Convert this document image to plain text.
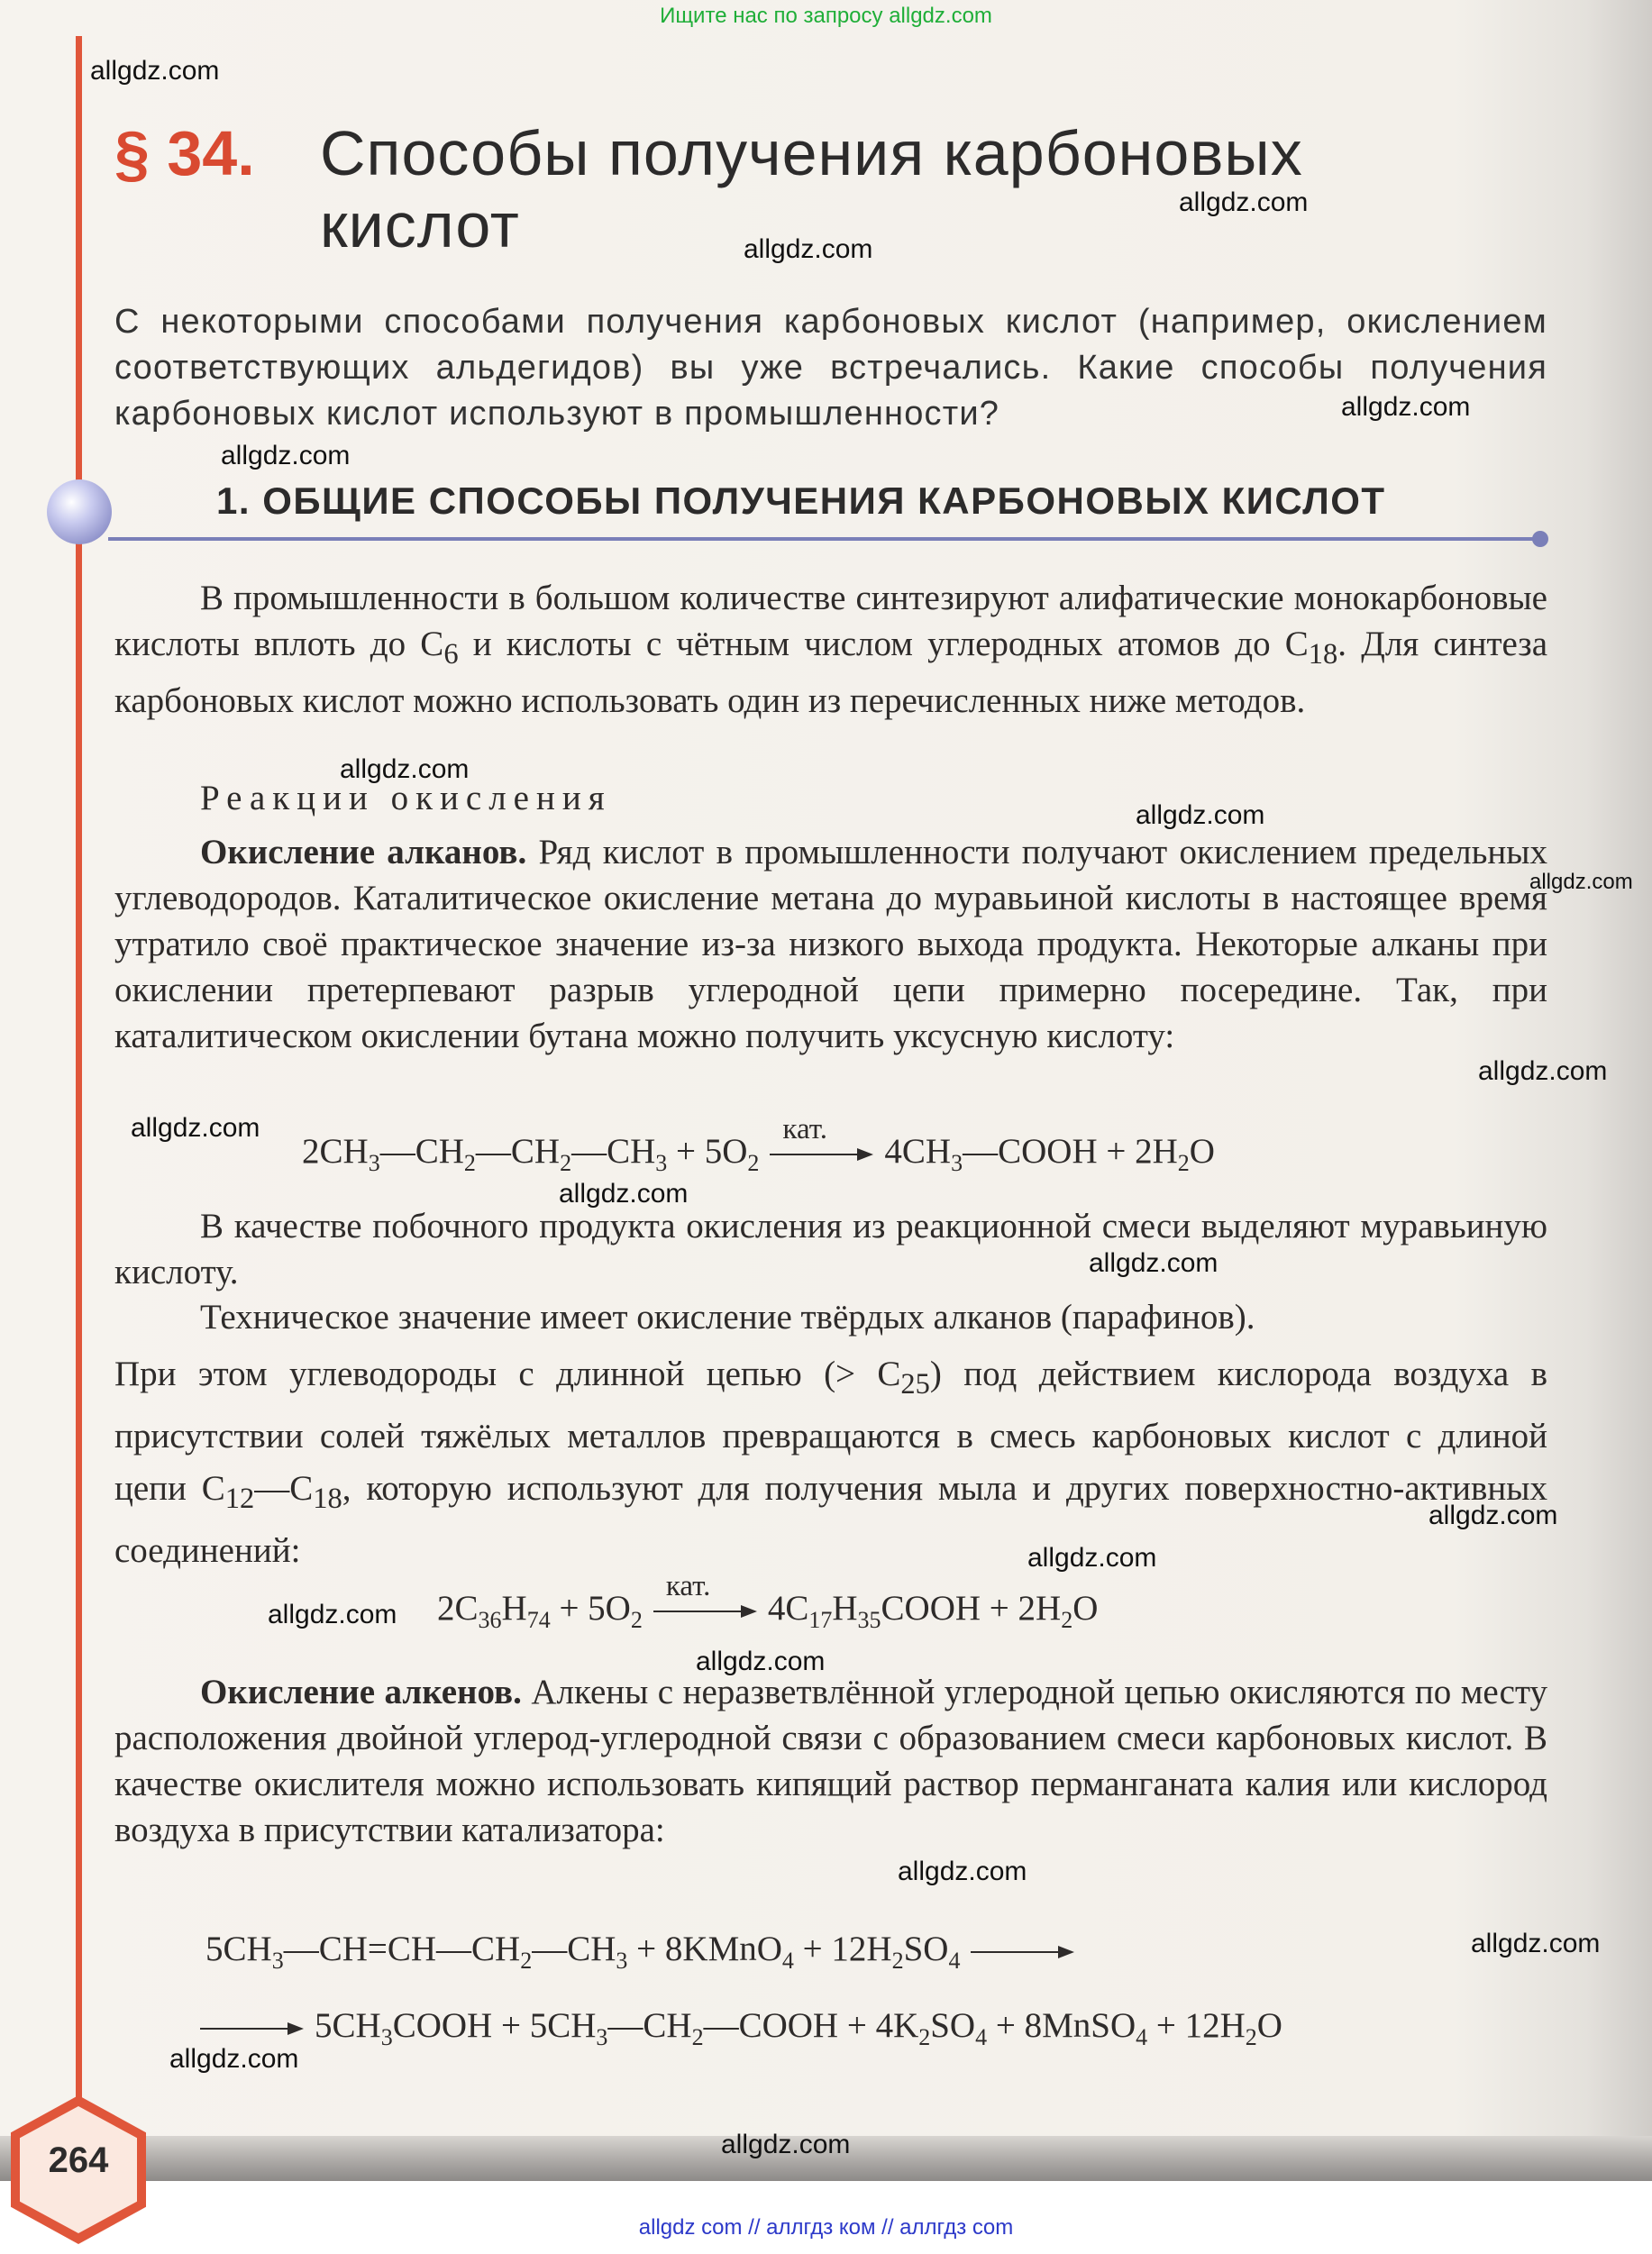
Ищите нас по запросу allgdz.com
§ 34. Способы получения карбоновых
кислот
С некоторыми способами получения карбоновых кислот (например, окислением соответствующих альдегидов) вы уже встречались. Какие способы получения карбоновых кислот используют в промышленности?
1. ОБЩИЕ СПОСОБЫ ПОЛУЧЕНИЯ КАРБОНОВЫХ КИСЛОТ
В промышленности в большом количестве синтезируют алифатические монокарбоновые кислоты вплоть до $C_6$ и кислоты с чётным числом углеродных атомов до $C_{18}$. Для синтеза карбоновых кислот можно использовать один из перечисленных ниже методов.
Реакции окисления
Окисление алканов. Ряд кислот в промышленности получают окислением предельных углеводородов. Каталитическое окисление метана до муравьиной кислоты в настоящее время утратило своё практическое значение из-за низкого выхода продукта. Некоторые алканы при окислении претерпевают разрыв углеродной цепи примерно посередине. Так, при каталитическом окислении бутана можно получить уксусную кислоту:
$2CH_3—CH_2—CH_2—CH_3 + 5O_2$
кат.
$4CH_3—COOH + 2H_2O$
В качестве побочного продукта окисления из реакционной смеси выделяют муравьиную кислоту.
Техническое значение имеет окисление твёрдых алканов (парафинов).
При этом углеводороды с длинной цепью (> $C_{25}$) под действием кислорода воздуха в присутствии солей тяжёлых металлов превращаются в смесь карбоновых кислот с длиной цепи $C_{12}—C_{18}$, которую используют для получения мыла и других поверхностно-активных соединений:
$2C_{36}H_{74} + 5O_2$
кат.
$4C_{17}H_{35}COOH + 2H_2O$
Окисление алкенов. Алкены с неразветвлённой углеродной цепью окисляются по месту расположения двойной углерод-углеродной связи с образованием смеси карбоновых кислот. В качестве окислителя можно использовать кипящий раствор перманганата калия или кислород воздуха в присутствии катализатора:
$5CH_3—CH=CH—CH_2—CH_3$ + 8KMnO$_4$ + $12H_2SO_4$
$5CH_3COOH$ + $5CH_3—CH_2—COOH + 4K_2SO_4$ + 8MnSO$_4$ + $12H_2O$
264
allgdz.com
allgdz.com
allgdz.com
allgdz.com
allgdz.com
allgdz.com
allgdz.com
allgdz.com
allgdz.com
allgdz.com
allgdz.com
allgdz.com
allgdz.com
allgdz.com
allgdz.com
allgdz.com
allgdz.com
allgdz.com
allgdz.com
allgdz.com
allgdz com // аллгдз ком // аллгдз com
